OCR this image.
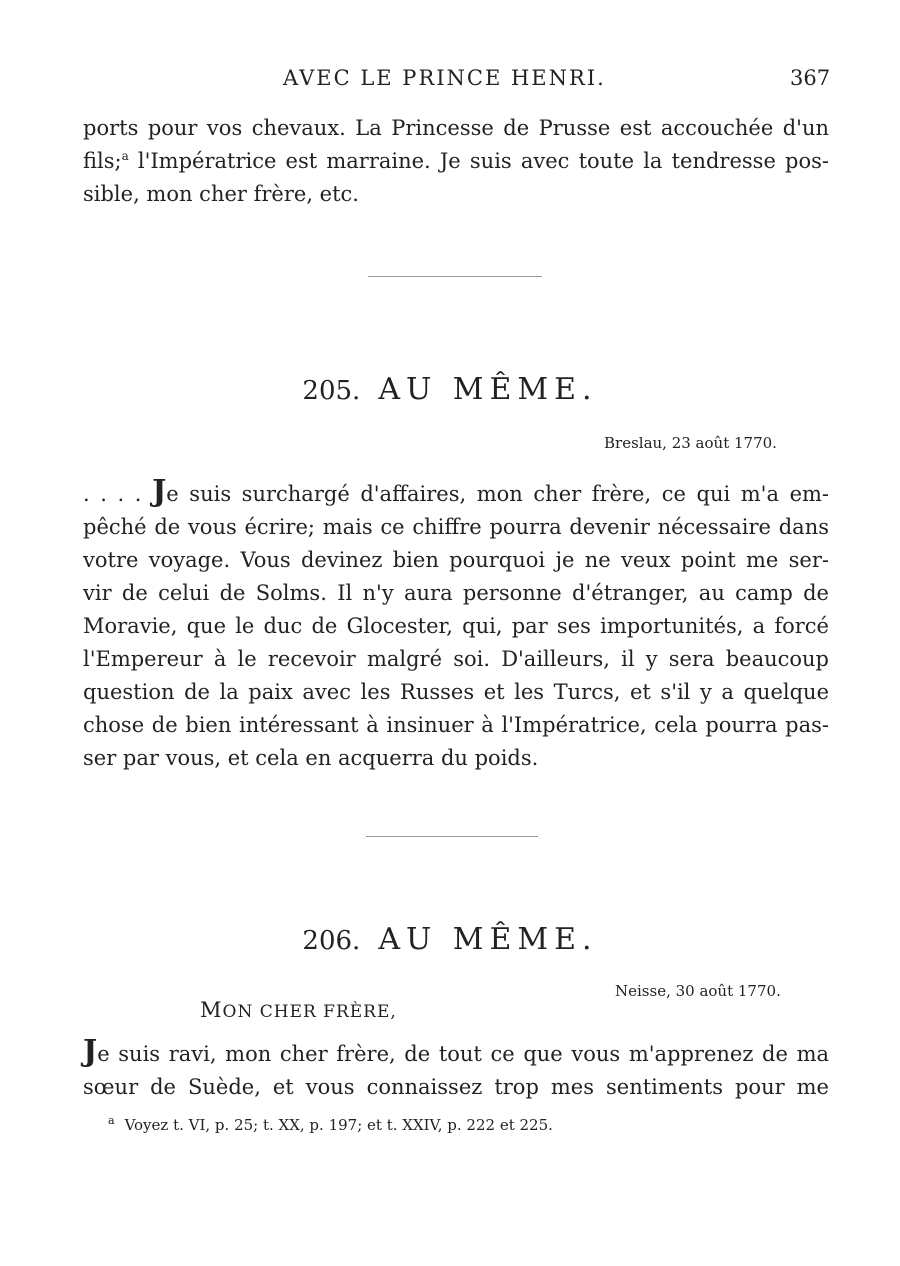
AVEC LE PRINCE HENRI.	367
ports pour vos chevaux. La Princesse de Prusse est accouchée d'un
fils;$^a$ l'Impératrice est marraine. Je suis avec toute la tendresse pos-
sible, mon cher frère, etc.
205. AU MÊME.
Breslau, 23 août 1770.
. . . . Je suis surchargé d'affaires, mon cher frère, ce qui m'a em-
pêché de vous écrire; mais ce chiffre pourra devenir nécessaire dans
votre voyage. Vous devinez bien pourquoi je ne veux point me ser-
vir de celui de Solms. Il n'y aura personne d'étranger, au camp de
Moravie, que le duc de Glocester, qui, par ses importunités, a forcé
l'Empereur à le recevoir malgré soi. D'ailleurs, il y sera beaucoup
question de la paix avec les Russes et les Turcs, et s'il y a quelque
chose de bien intéressant à insinuer à l'Impératrice, cela pourra pas-
ser par vous, et cela en acquerra du poids.
206. AU MÊME.
Neisse, 30 août 1770.
MON CHER FRÈRE,
Je suis ravi, mon cher frère, de tout ce que vous m'apprenez de ma
sœur de Suède, et vous connaissez trop mes sentiments pour me
$^a$ Voyez t. VI, p. 25; t. XX, p. 197; et t. XXIV, p. 222 et 225.
